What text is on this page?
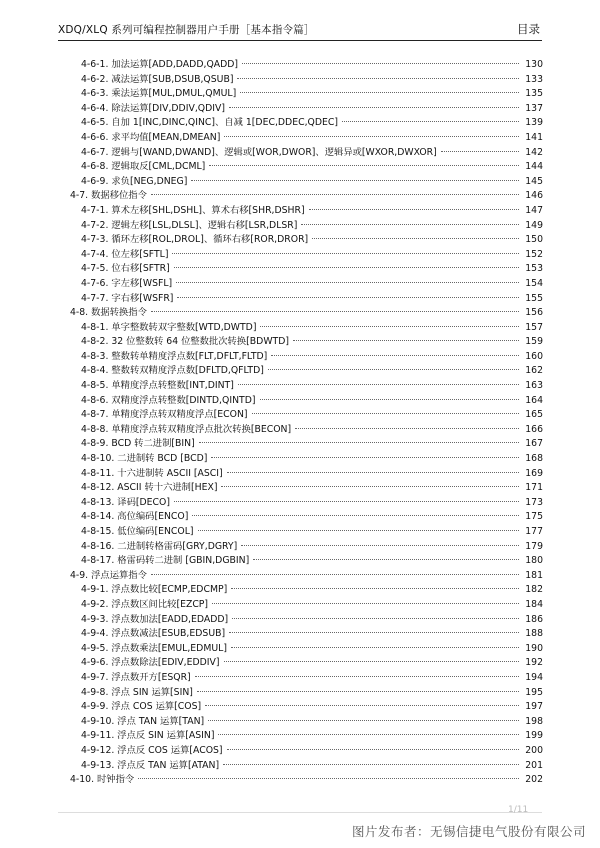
XDQ/XLQ 系列可编程控制器用户手册［基本指令篇］	目录
4-6-1. 加法运算[ADD,DADD,QADD]	130
4-6-2. 减法运算[SUB,DSUB,QSUB]	133
4-6-3. 乘法运算[MUL,DMUL,QMUL]	135
4-6-4. 除法运算[DIV,DDIV,QDIV]	137
4-6-5. 自加 1[INC,DINC,QINC]、自减 1[DEC,DDEC,QDEC]	139
4-6-6. 求平均值[MEAN,DMEAN]	141
4-6-7. 逻辑与[WAND,DWAND]、逻辑或[WOR,DWOR]、逻辑异或[WXOR,DWXOR]	142
4-6-8. 逻辑取反[CML,DCML]	144
4-6-9. 求负[NEG,DNEG]	145
4-7. 数据移位指令	146
4-7-1. 算术左移[SHL,DSHL]、算术右移[SHR,DSHR]	147
4-7-2. 逻辑左移[LSL,DLSL]、逻辑右移[LSR,DLSR]	149
4-7-3. 循环左移[ROL,DROL]、循环右移[ROR,DROR]	150
4-7-4. 位左移[SFTL]	152
4-7-5. 位右移[SFTR]	153
4-7-6. 字左移[WSFL]	154
4-7-7. 字右移[WSFR]	155
4-8. 数据转换指令	156
4-8-1. 单字整数转双字整数[WTD,DWTD]	157
4-8-2. 32 位整数转 64 位整数批次转换[BDWTD]	159
4-8-3. 整数转单精度浮点数[FLT,DFLT,FLTD]	160
4-8-4. 整数转双精度浮点数[DFLTD,QFLTD]	162
4-8-5. 单精度浮点转整数[INT,DINT]	163
4-8-6. 双精度浮点转整数[DINTD,QINTD]	164
4-8-7. 单精度浮点转双精度浮点[ECON]	165
4-8-8. 单精度浮点转双精度浮点批次转换[BECON]	166
4-8-9. BCD 转二进制[BIN]	167
4-8-10. 二进制转 BCD [BCD]	168
4-8-11. 十六进制转 ASCII [ASCI]	169
4-8-12. ASCII 转十六进制[HEX]	171
4-8-13. 译码[DECO]	173
4-8-14. 高位编码[ENCO]	175
4-8-15. 低位编码[ENCOL]	177
4-8-16. 二进制转格雷码[GRY,DGRY]	179
4-8-17. 格雷码转二进制 [GBIN,DGBIN]	180
4-9. 浮点运算指令	181
4-9-1. 浮点数比较[ECMP,EDCMP]	182
4-9-2. 浮点数区间比较[EZCP]	184
4-9-3. 浮点数加法[EADD,EDADD]	186
4-9-4. 浮点数减法[ESUB,EDSUB]	188
4-9-5. 浮点数乘法[EMUL,EDMUL]	190
4-9-6. 浮点数除法[EDIV,EDDIV]	192
4-9-7. 浮点数开方[ESQR]	194
4-9-8. 浮点 SIN 运算[SIN]	195
4-9-9. 浮点 COS 运算[COS]	197
4-9-10. 浮点 TAN 运算[TAN]	198
4-9-11. 浮点反 SIN 运算[ASIN]	199
4-9-12. 浮点反 COS 运算[ACOS]	200
4-9-13. 浮点反 TAN 运算[ATAN]	201
4-10. 时钟指令	202
1/11
图片发布者：无锡信捷电气股份有限公司
